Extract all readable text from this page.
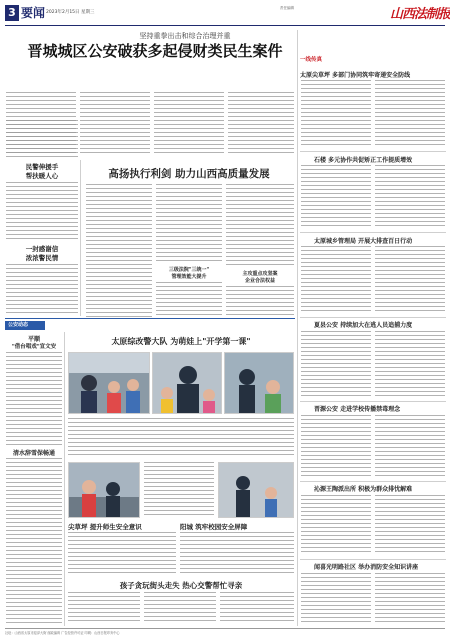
3 要闻 2023年2月15日 星期三
责任编辑	山西法制报
坚持重拳出击和综合治理并重
晋城城区公安破获多起侵财类民生案件
民警伸援手
帮扶暖人心
一封感谢信
浓浓警民情
高扬执行利剑 助力山西高质量发展
三级法院"三统一"
管理效能大提升	主攻重点攻坚案
企业合法权益
一线传真
太原尖草坪 多部门协同筑牢寄递安全防线
石楼 多元协作共促矫正工作提质增效
太原城乡管理局 开展大排查百日行动
夏县公安 持续加大在逃人员追捕力度
晋源公安 走进学校传播禁毒理念
沁源王陶派出所 积极为群众排忧解难
闻喜光明路社区 举办消防安全知识讲座
公安动态
平顺
"借台唱戏"宣文安
清水辞雪保畅通
太原综改警大队 为萌娃上"开学第一课"
尖草坪 提升师生安全意识	阳城 筑牢校园安全屏障
孩子贪玩街头走失 热心交警帮忙寻亲
社址：山西省太原市迎泽大街 邮政编码 广告经营许可证 印刷：山西日报印务中心
